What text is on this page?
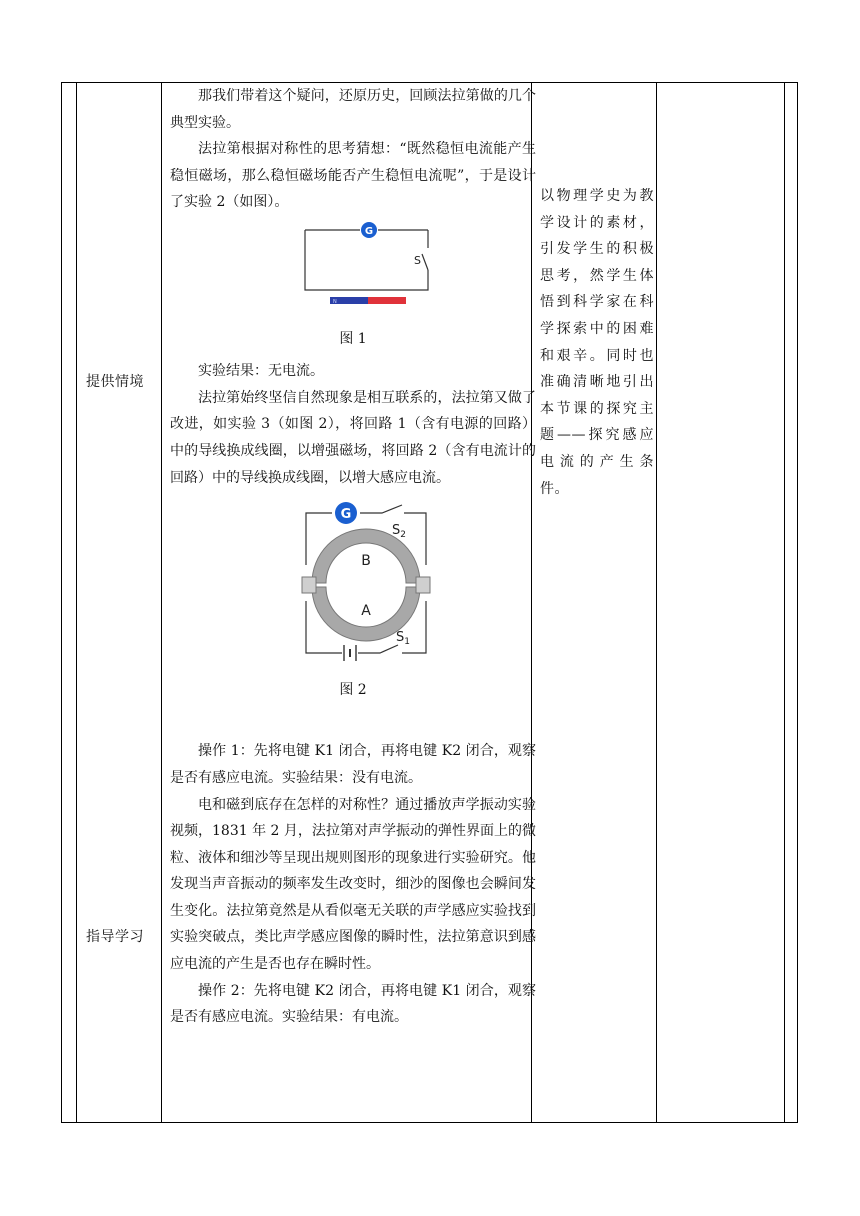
提供情境
指导学习

那我们带着这个疑问，还原历史，回顾法拉第做的几个典型实验。

法拉第根据对称性的思考猜想：“既然稳恒电流能产生稳恒磁场，那么稳恒磁场能否产生稳恒电流呢”，于是设计了实验 2（如图）。

G
S
N
图 1

实验结果：无电流。

法拉第始终坚信自然现象是相互联系的，法拉第又做了改进，如实验 3（如图 2），将回路 1（含有电源的回路）中的导线换成线圈，以增强磁场，将回路 2（含有电流计的回路）中的导线换成线圈，以增大感应电流。

G
$S_2$
$S_1$
B
A
图 2

操作 1：先将电键 K1 闭合，再将电键 K2 闭合，观察是否有感应电流。实验结果：没有电流。

电和磁到底存在怎样的对称性？通过播放声学振动实验视频，1831 年 2 月，法拉第对声学振动的弹性界面上的微粒、液体和细沙等呈现出规则图形的现象进行实验研究。他发现当声音振动的频率发生改变时，细沙的图像也会瞬间发生变化。法拉第竟然是从看似毫无关联的声学感应实验找到实验突破点，类比声学感应图像的瞬时性，法拉第意识到感应电流的产生是否也存在瞬时性。

操作 2：先将电键 K2 闭合，再将电键 K1 闭合，观察是否有感应电流。实验结果：有电流。

以物理学史为教学设计的素材，引发学生的积极思考，然学生体悟到科学家在科学探索中的困难和艰辛。同时也准确清晰地引出本节课的探究主题——探究感应电流的产生条件。
